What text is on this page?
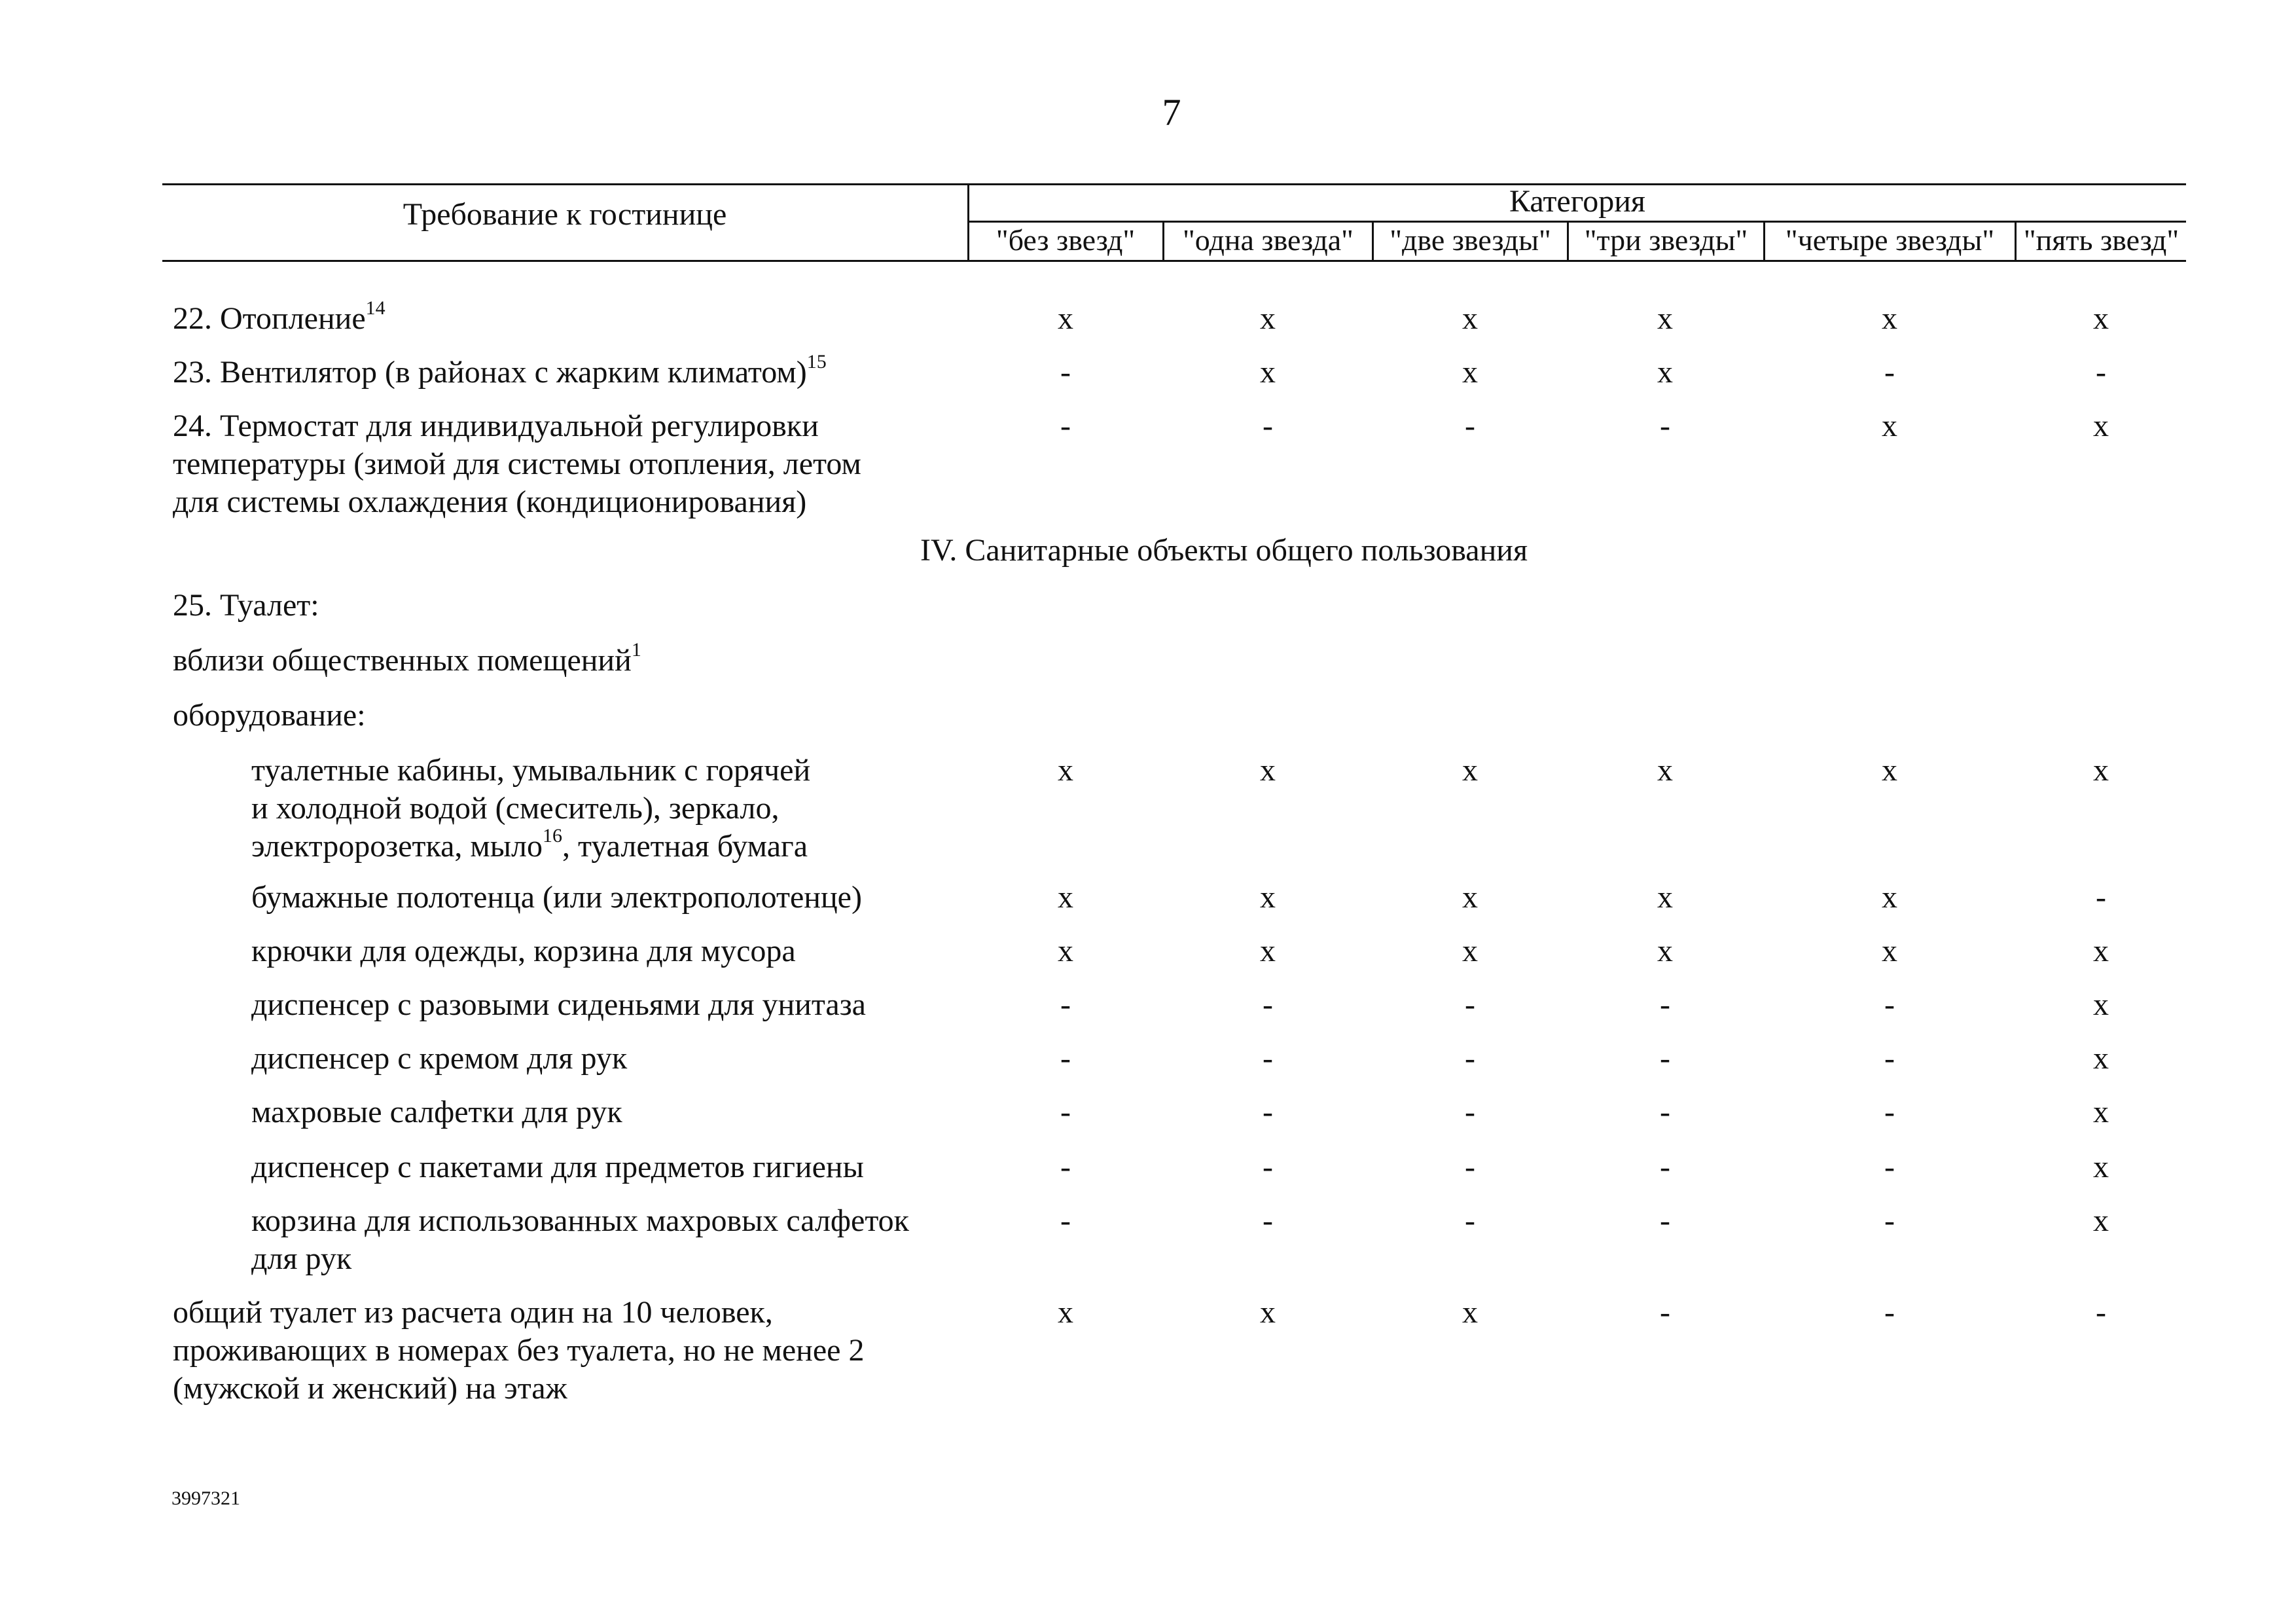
7
Требование к гостинице	Категория
"без звезд"	"одна звезда"	"две звезды"	"три звезды"	"четыре звезды" "пять звезд"
22. Отопление$^{14}$	x	x	x	x	x	x
23. Вентилятор (в районах с жарким климатом)$^{15}$	-	x	x	x	-	-
24. Термостат для индивидуальной регулировки
температуры (зимой для системы отопления, летом
для системы охлаждения (кондиционирования)
-	-	-	-	x	x
IV. Санитарные объекты общего пользования
25. Туалет:
вблизи общественных помещений$^1$
оборудование:
туалетные кабины, умывальник с горячей
и холодной водой (смеситель), зеркало,
электророзетка, мыло$^{16}$, туалетная бумага
x	x	x	x	x	x
бумажные полотенца (или электрополотенце)	x	x	x	x	x	-
крючки для одежды, корзина для мусора	x	x	x	x	x	x
диспенсер с разовыми сиденьями для унитаза	-	-	-	-	-	x
диспенсер с кремом для рук	-	-	-	-	-	x
махровые салфетки для рук	-	-	-	-	-	x
диспенсер с пакетами для предметов гигиены	-	-	-	-	-	x
корзина для использованных махровых салфеток
для рук
-	-	-	-	-	x
общий туалет из расчета один на 10 человек,
проживающих в номерах без туалета, но не менее 2
(мужской и женский) на этаж
x	x	x	-	-	-
3997321
